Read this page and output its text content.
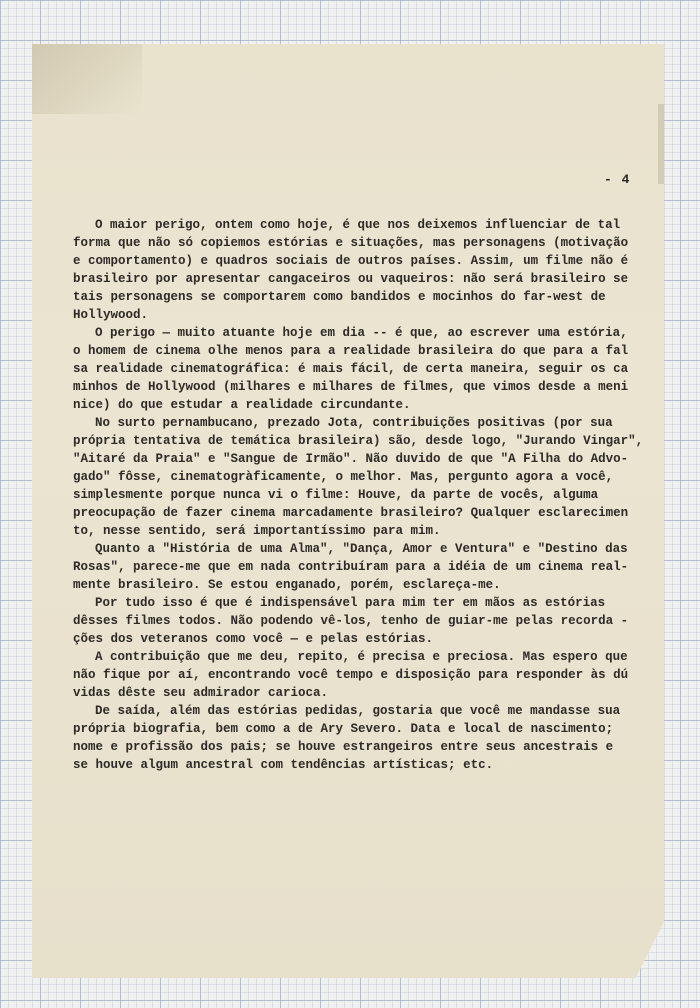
- 4
O maior perigo, ontem como hoje, é que nos deixemos influenciar de tal
forma que não só copiemos estórias e situações, mas personagens (motivação
e comportamento) e quadros sociais de outros países. Assim, um filme não é
brasileiro por apresentar cangaceiros ou vaqueiros: não será brasileiro se
tais personagens se comportarem como bandidos e mocinhos do far-west de
Hollywood.
O perigo — muito atuante hoje em dia -- é que, ao escrever uma estória,
o homem de cinema olhe menos para a realidade brasileira do que para a fal
sa realidade cinematográfica: é mais fácil, de certa maneira, seguir os ca
minhos de Hollywood (milhares e milhares de filmes, que vimos desde a meni
nice) do que estudar a realidade circundante.
No surto pernambucano, prezado Jota, contribuições positivas (por sua
própria tentativa de temática brasileira) são, desde logo, "Jurando Vingar",
"Aitaré da Praia" e "Sangue de Irmão". Não duvido de que "A Filha do Advo-
gado" fôsse, cinematogràficamente, o melhor. Mas, pergunto agora a você,
simplesmente porque nunca vi o filme: Houve, da parte de vocês, alguma
preocupação de fazer cinema marcadamente brasileiro? Qualquer esclarecimen
to, nesse sentido, será importantíssimo para mim.
Quanto a "História de uma Alma", "Dança, Amor e Ventura" e "Destino das
Rosas", parece-me que em nada contribuíram para a idéia de um cinema real-
mente brasileiro. Se estou enganado, porém, esclareça-me.
Por tudo isso é que é indispensável para mim ter em mãos as estórias
dêsses filmes todos. Não podendo vê-los, tenho de guiar-me pelas recorda -
ções dos veteranos como você — e pelas estórias.
A contribuição que me deu, repito, é precisa e preciosa. Mas espero que
não fique por aí, encontrando você tempo e disposição para responder às dú
vidas dêste seu admirador carioca.
De saída, além das estórias pedidas, gostaria que você me mandasse sua
própria biografia, bem como a de Ary Severo. Data e local de nascimento;
nome e profissão dos pais; se houve estrangeiros entre seus ancestrais e
se houve algum ancestral com tendências artísticas; etc.
